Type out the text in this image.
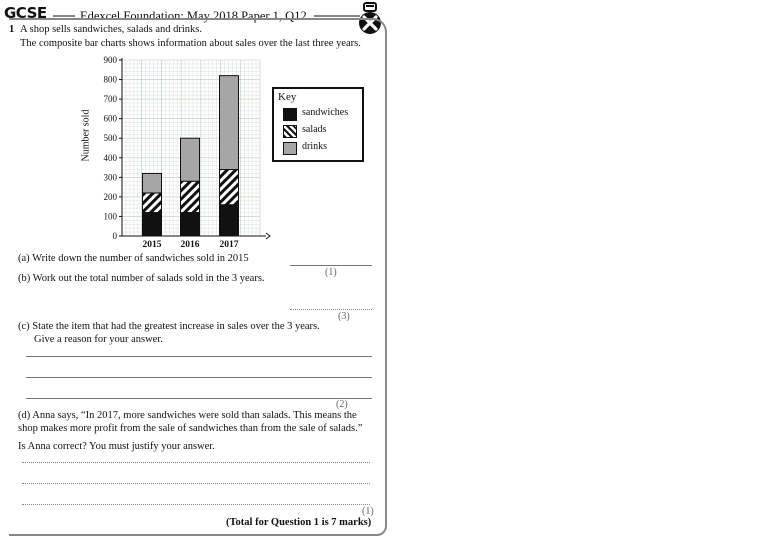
GCSE	Edexcel Foundation: May 2018 Paper 1, Q12
1 A shop sells sandwiches, salads and drinks.
The composite bar charts shows information about sales over the last three years.
0
100
200
300
400
500
600
700
800
900
2015 2016 2017
Number sold
Key
sandwiches
salads
drinks
(a) Write down the number of sandwiches sold in 2015
(1)
(b) Work out the total number of salads sold in the 3 years.
(3)
(c) State the item that had the greatest increase in sales over the 3 years.
Give a reason for your answer.
(2)
(d) Anna says, “In 2017, more sandwiches were sold than salads. This means the
shop makes more profit from the sale of sandwiches than from the sale of salads.”
Is Anna correct? You must justify your answer.
(1)
(Total for Question 1 is 7 marks)
